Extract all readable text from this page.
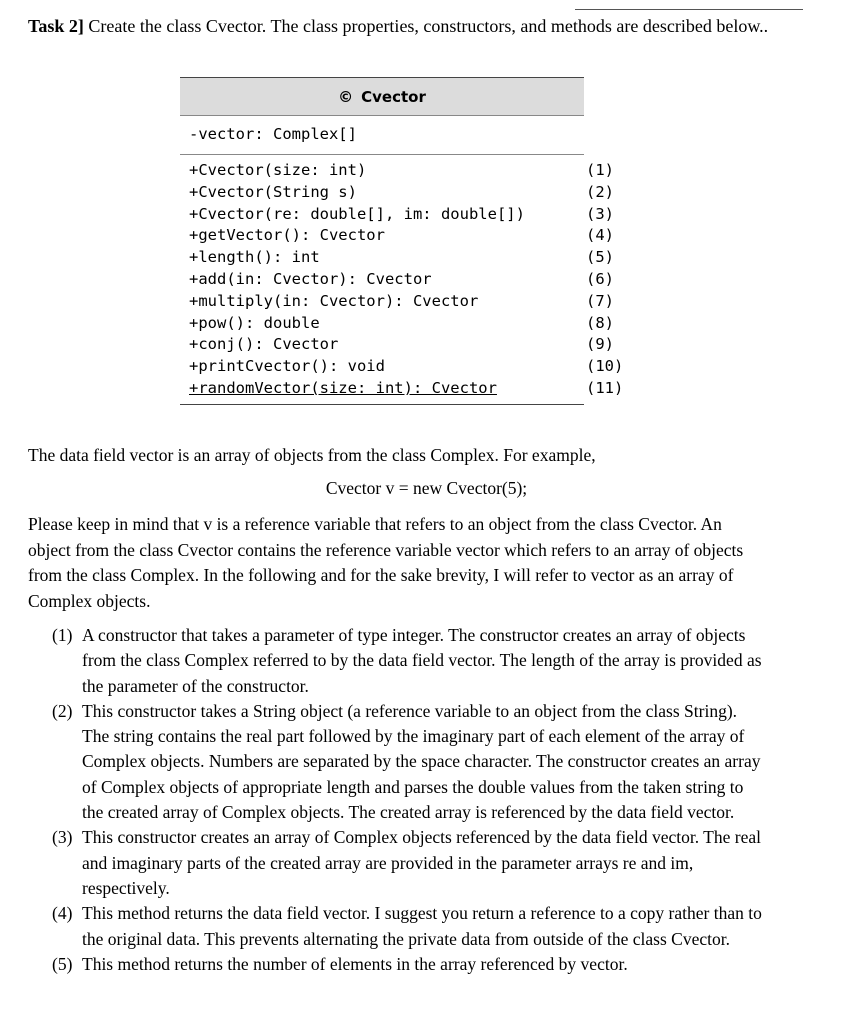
Task 2] Create the class Cvector. The class properties, constructors, and methods are described below..
© Cvector
-vector: Complex[]
+Cvector(size: int)	(1)
+Cvector(String s)	(2)
+Cvector(re: double[], im: double[])	(3)
+getVector(): Cvector	(4)
+length(): int	(5)
+add(in: Cvector): Cvector	(6)
+multiply(in: Cvector): Cvector	(7)
+pow(): double	(8)
+conj(): Cvector	(9)
+printCvector(): void	(10)
+randomVector(size: int): Cvector	(11)
The data field vector is an array of objects from the class Complex. For example,
Cvector v = new Cvector(5);
Please keep in mind that v is a reference variable that refers to an object from the class Cvector. An
object from the class Cvector contains the reference variable vector which refers to an array of objects
from the class Complex. In the following and for the sake brevity, I will refer to vector as an array of
Complex objects.
(1) A constructor that takes a parameter of type integer. The constructor creates an array of objects
from the class Complex referred to by the data field vector. The length of the array is provided as
the parameter of the constructor.
(2) This constructor takes a String object (a reference variable to an object from the class String).
The string contains the real part followed by the imaginary part of each element of the array of
Complex objects. Numbers are separated by the space character. The constructor creates an array
of Complex objects of appropriate length and parses the double values from the taken string to
the created array of Complex objects. The created array is referenced by the data field vector.
(3) This constructor creates an array of Complex objects referenced by the data field vector. The real
and imaginary parts of the created array are provided in the parameter arrays re and im,
respectively.
(4) This method returns the data field vector. I suggest you return a reference to a copy rather than to
the original data. This prevents alternating the private data from outside of the class Cvector.
(5) This method returns the number of elements in the array referenced by vector.
